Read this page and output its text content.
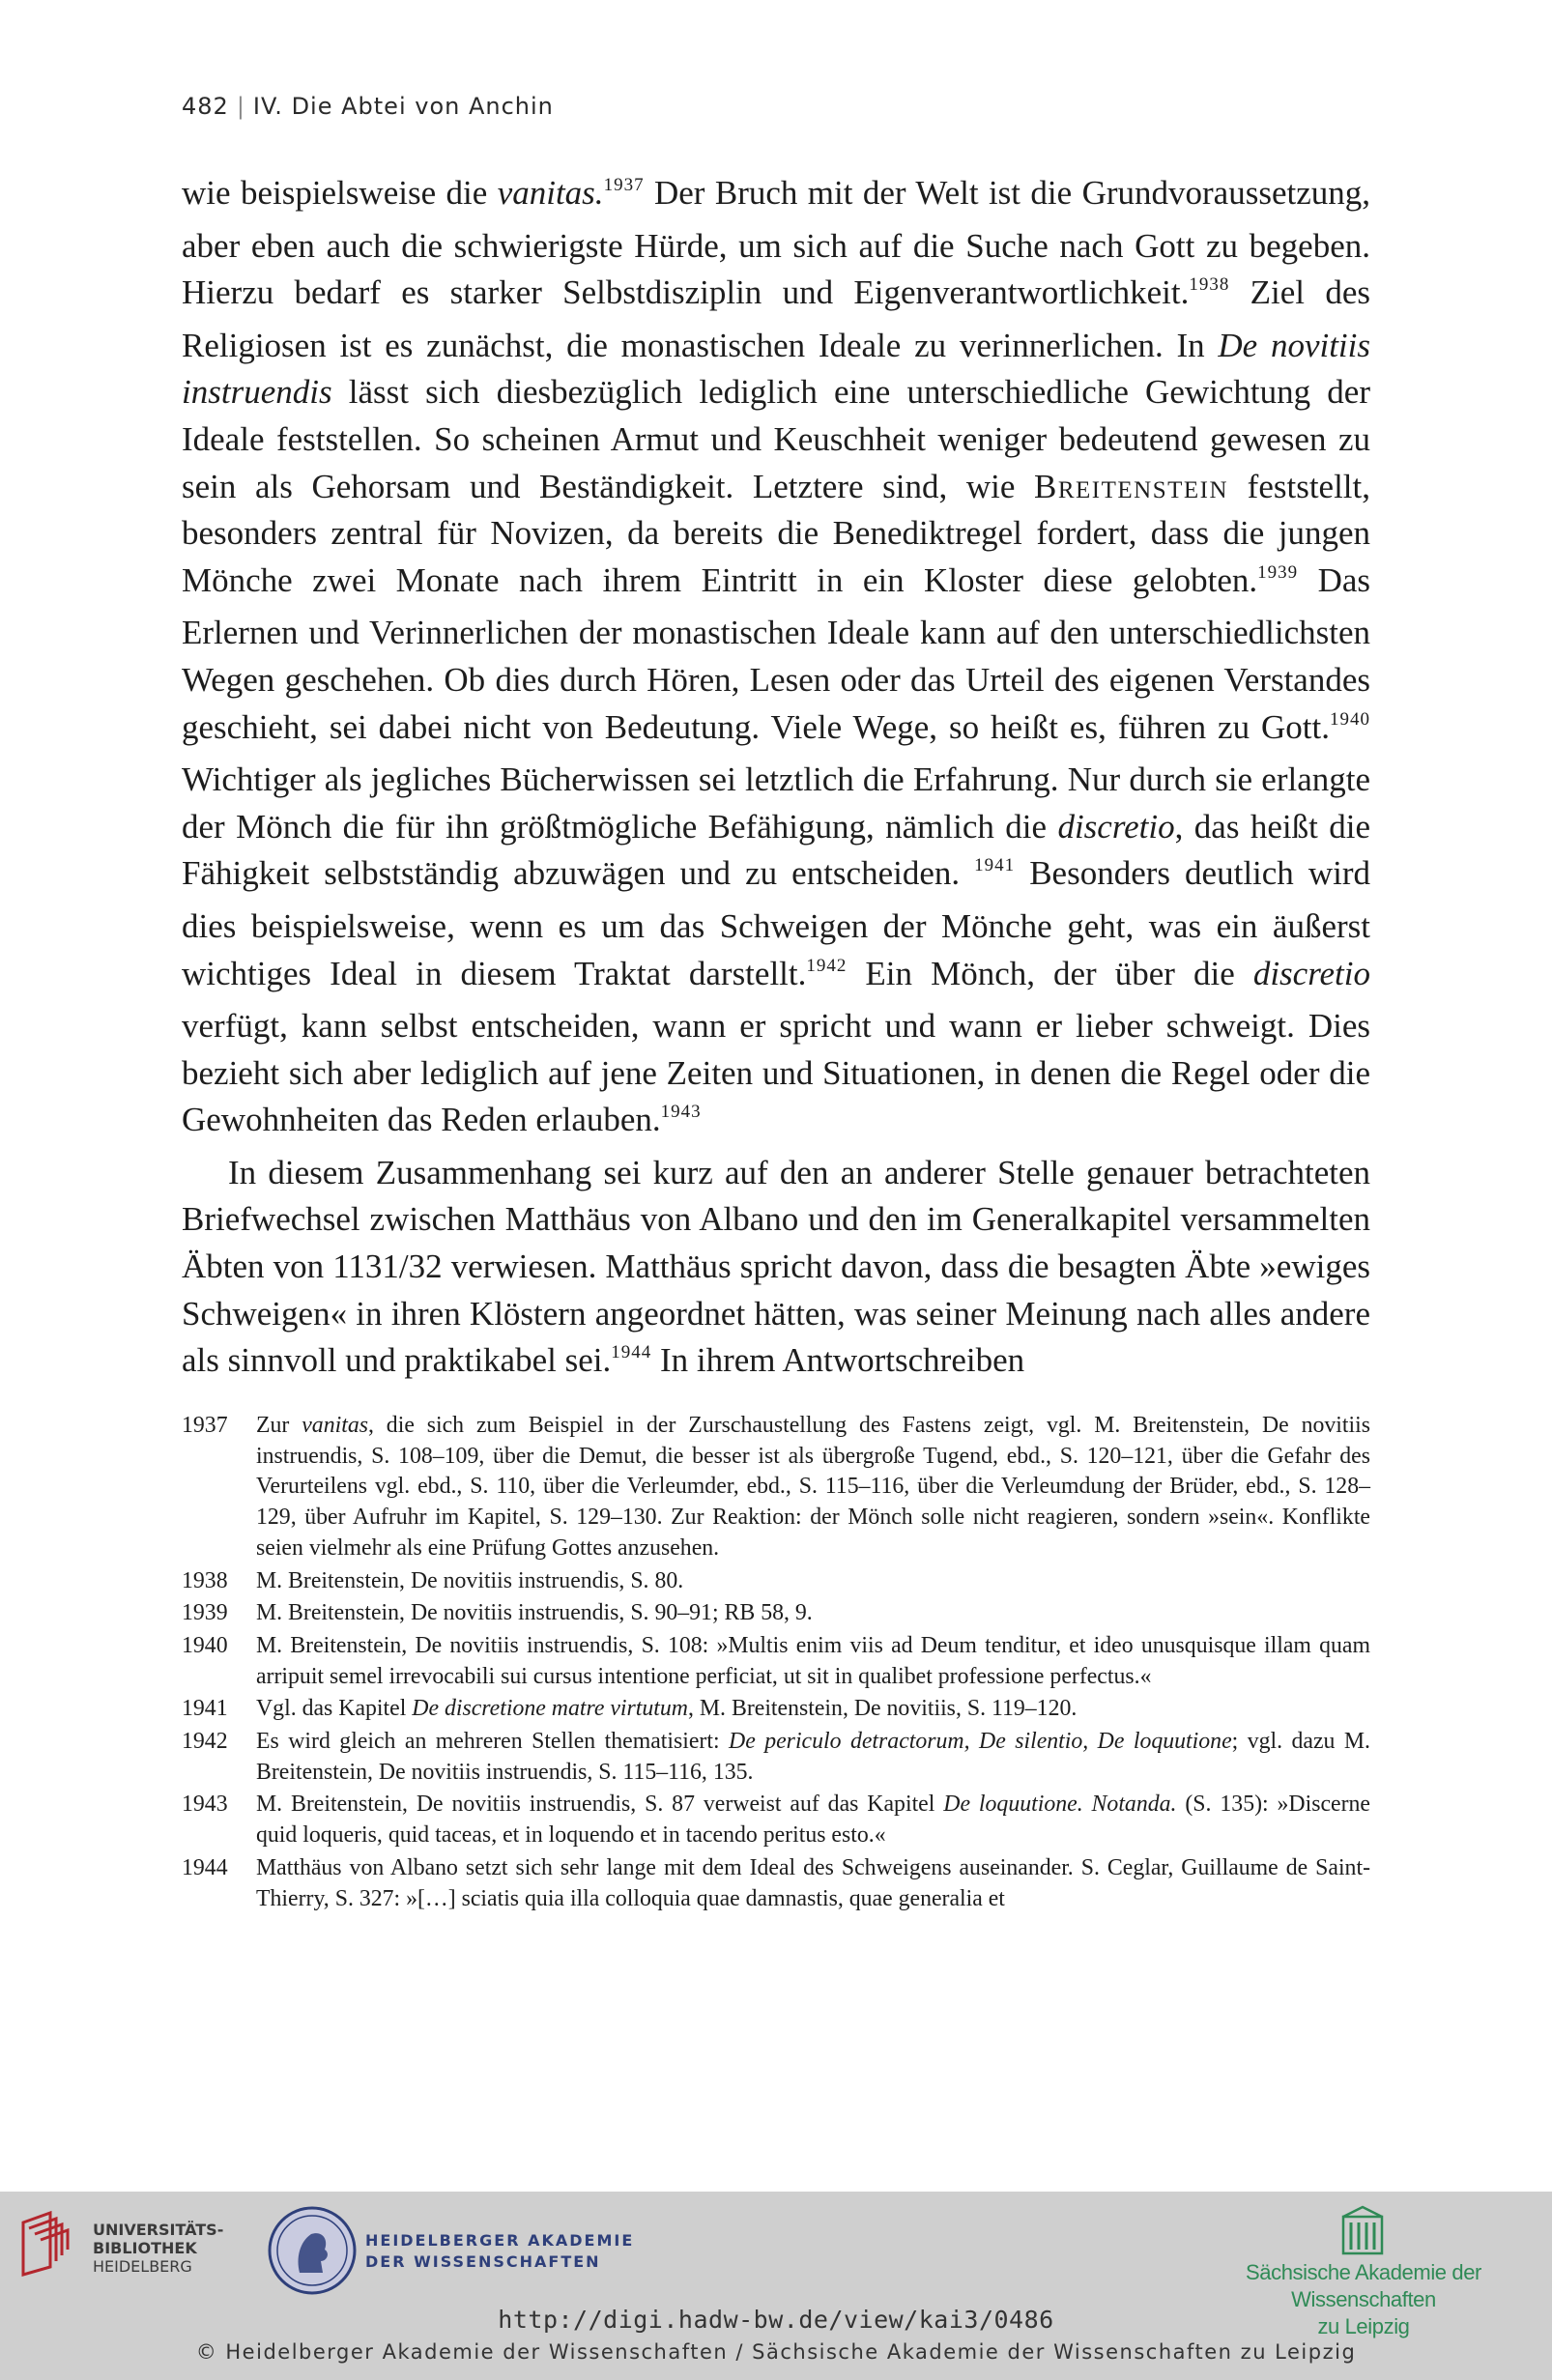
482 | IV. Die Abtei von Anchin

wie beispielsweise die vanitas.$^{1937}$ Der Bruch mit der Welt ist die Grundvoraussetzung, aber eben auch die schwierigste Hürde, um sich auf die Suche nach Gott zu begeben. Hierzu bedarf es starker Selbstdisziplin und Eigenverantwortlichkeit.$^{1938}$ Ziel des Religiosen ist es zunächst, die monastischen Ideale zu verinnerlichen. In De novitiis instruendis lässt sich diesbezüglich lediglich eine unterschiedliche Gewichtung der Ideale feststellen. So scheinen Armut und Keuschheit weniger bedeutend gewesen zu sein als Gehorsam und Beständigkeit. Letztere sind, wie Breitenstein feststellt, besonders zentral für Novizen, da bereits die Benediktregel fordert, dass die jungen Mönche zwei Monate nach ihrem Eintritt in ein Kloster diese gelobten.$^{1939}$ Das Erlernen und Verinnerlichen der monastischen Ideale kann auf den unterschiedlichsten Wegen geschehen. Ob dies durch Hören, Lesen oder das Urteil des eigenen Verstandes geschieht, sei dabei nicht von Bedeutung. Viele Wege, so heißt es, führen zu Gott.$^{1940}$ Wichtiger als jegliches Bücherwissen sei letztlich die Erfahrung. Nur durch sie erlangte der Mönch die für ihn größtmögliche Befähigung, nämlich die discretio, das heißt die Fähigkeit selbstständig abzuwägen und zu entscheiden. $^{1941}$ Besonders deutlich wird dies beispielsweise, wenn es um das Schweigen der Mönche geht, was ein äußerst wichtiges Ideal in diesem Traktat darstellt.$^{1942}$ Ein Mönch, der über die discretio verfügt, kann selbst entscheiden, wann er spricht und wann er lieber schweigt. Dies bezieht sich aber lediglich auf jene Zeiten und Situationen, in denen die Regel oder die Gewohnheiten das Reden erlauben.$^{1943}$

In diesem Zusammenhang sei kurz auf den an anderer Stelle genauer betrachteten Briefwechsel zwischen Matthäus von Albano und den im Generalkapitel versammelten Äbten von 1131/32 verwiesen. Matthäus spricht davon, dass die besagten Äbte »ewiges Schweigen« in ihren Klöstern angeordnet hätten, was seiner Meinung nach alles andere als sinnvoll und praktikabel sei.$^{1944}$ In ihrem Antwortschreiben

1937	Zur vanitas, die sich zum Beispiel in der Zurschaustellung des Fastens zeigt, vgl. M. Breitenstein, De novitiis instruendis, S. 108–109, über die Demut, die besser ist als übergroße Tugend, ebd., S. 120–121, über die Gefahr des Verurteilens vgl. ebd., S. 110, über die Verleumder, ebd., S. 115–116, über die Verleumdung der Brüder, ebd., S. 128–129, über Aufruhr im Kapitel, S. 129–130. Zur Reaktion: der Mönch solle nicht reagieren, sondern »sein«. Konflikte seien vielmehr als eine Prüfung Gottes anzusehen.
1938	M. Breitenstein, De novitiis instruendis, S. 80.
1939	M. Breitenstein, De novitiis instruendis, S. 90–91; RB 58, 9.
1940	M. Breitenstein, De novitiis instruendis, S. 108: »Multis enim viis ad Deum tenditur, et ideo unusquisque illam quam arripuit semel irrevocabili sui cursus intentione perficiat, ut sit in qualibet professione perfectus.«
1941	Vgl. das Kapitel De discretione matre virtutum, M. Breitenstein, De novitiis, S. 119–120.
1942	Es wird gleich an mehreren Stellen thematisiert: De periculo detractorum, De silentio, De loquutione; vgl. dazu M. Breitenstein, De novitiis instruendis, S. 115–116, 135.
1943	M. Breitenstein, De novitiis instruendis, S. 87 verweist auf das Kapitel De loquutione. Notanda. (S. 135): »Discerne quid loqueris, quid taceas, et in loquendo et in tacendo peritus esto.«
1944	Matthäus von Albano setzt sich sehr lange mit dem Ideal des Schweigens auseinander. S. Ceglar, Guillaume de Saint-Thierry, S. 327: »[…] sciatis quia illa colloquia quae damnastis, quae generalia et
UNIVERSITÄTS-
BIBLIOTHEK
HEIDELBERG
HEIDELBERGER AKADEMIE
DER WISSENSCHAFTEN	Sächsische Akademie der Wissenschaften
zu Leipzig
http://digi.hadw-bw.de/view/kai3/0486
© Heidelberger Akademie der Wissenschaften / Sächsische Akademie der Wissenschaften zu Leipzig
